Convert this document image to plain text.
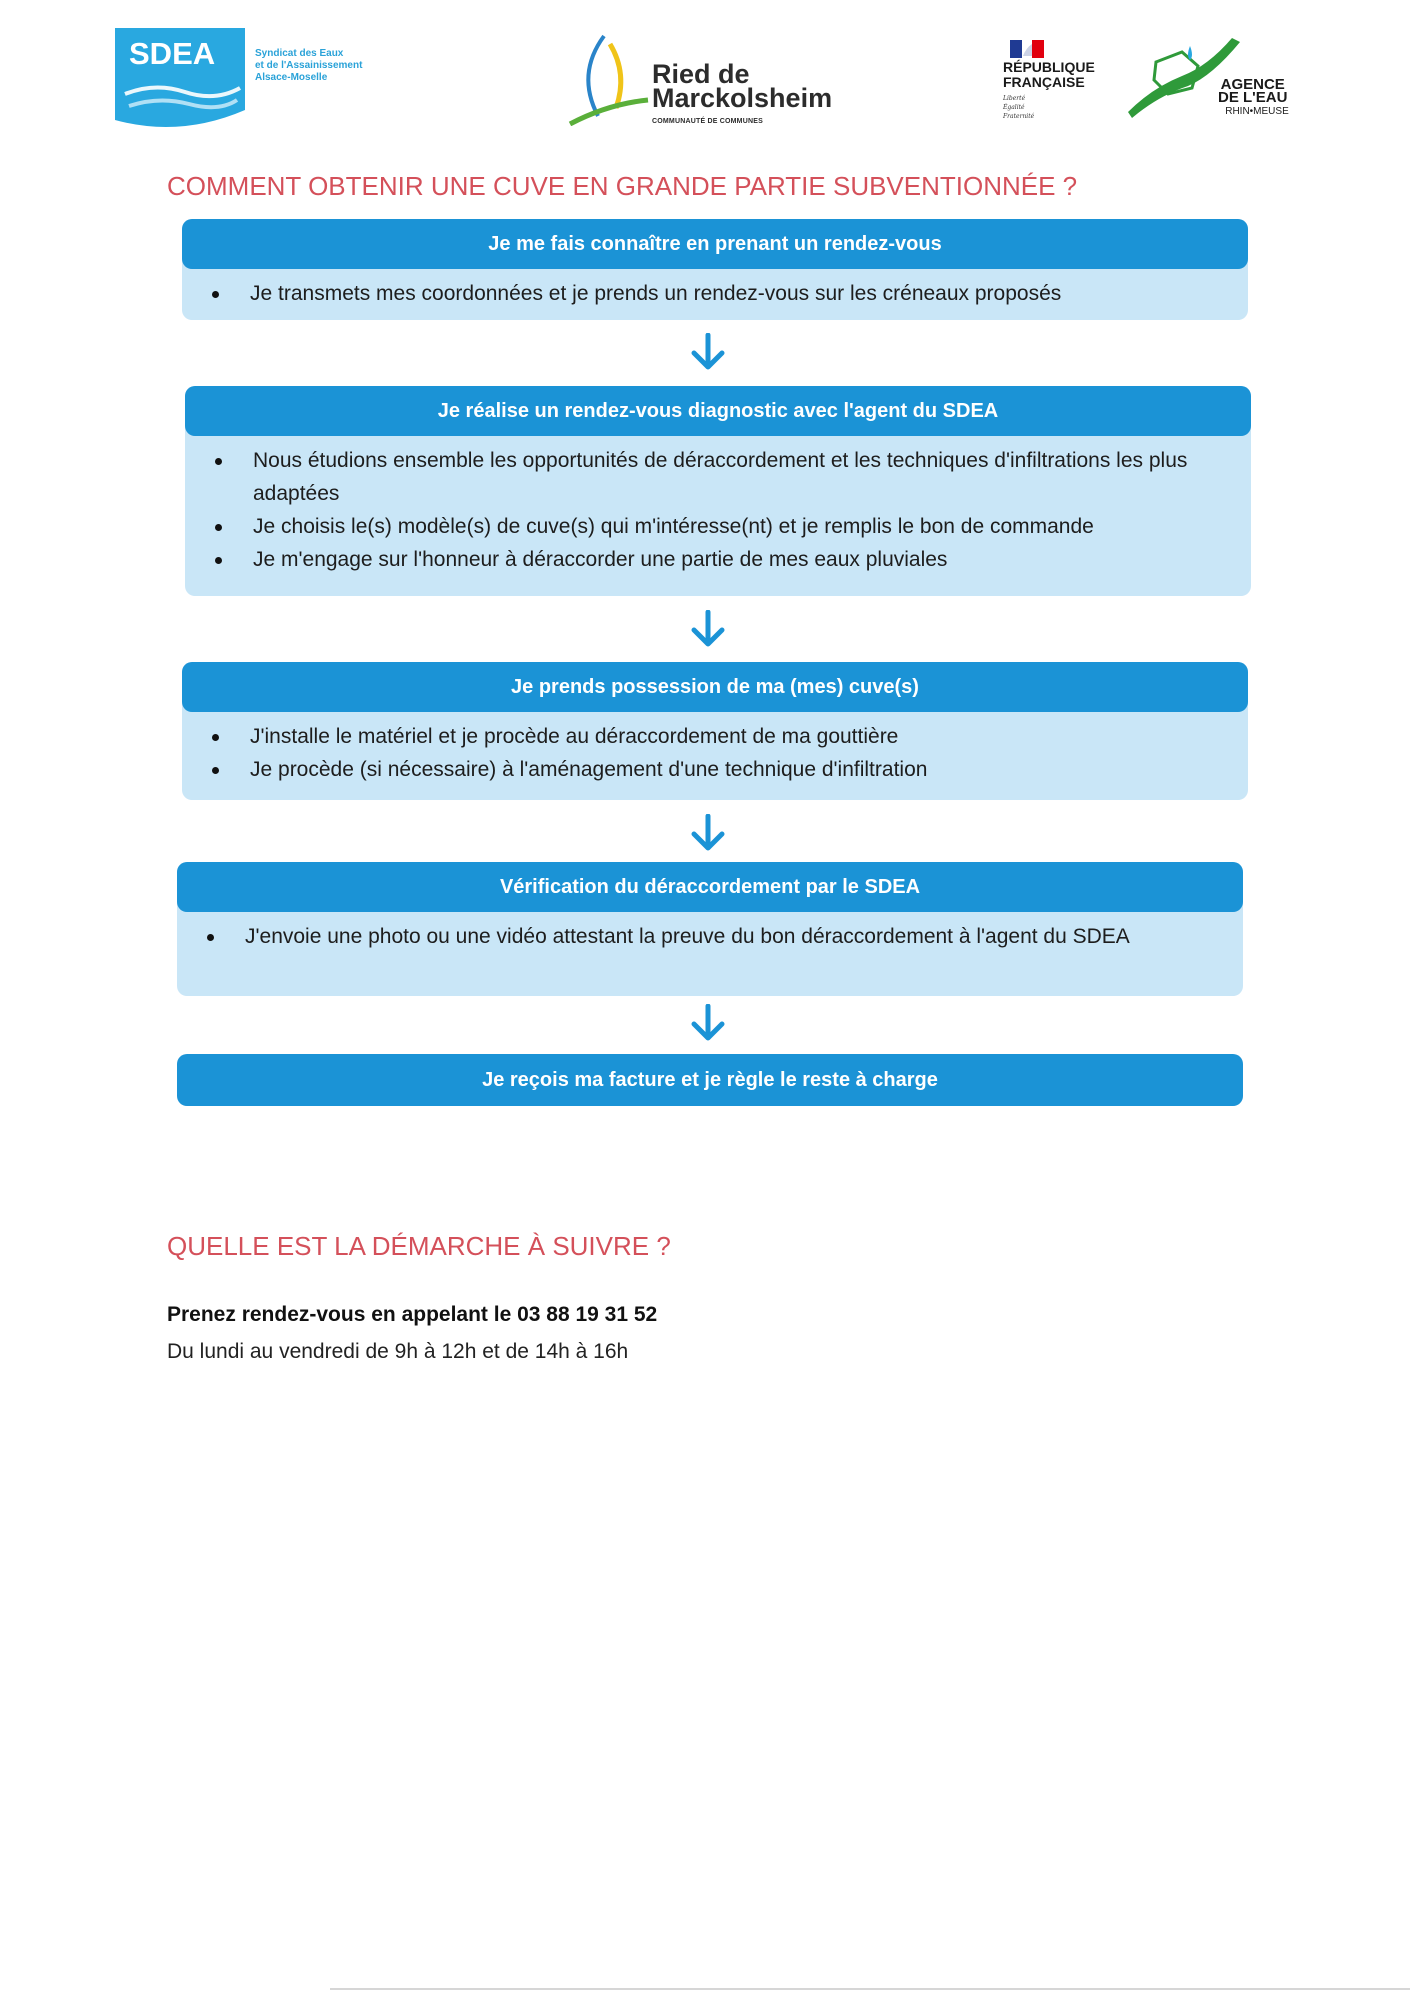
SDEA	Syndicat des Eaux
et de l'Assainissement
Alsace-Moselle	Ried de
Marckolsheim
COMMUNAUTÉ DE COMMUNES
RÉPUBLIQUE
FRANÇAISE
Liberté
Égalité
Fraternité
AGENCE
DE L'EAU
RHIN•MEUSE
COMMENT OBTENIR UNE CUVE EN GRANDE PARTIE SUBVENTIONNÉE ?
Je me fais connaître en prenant un rendez-vous
Je transmets mes coordonnées et je prends un rendez-vous sur les créneaux proposés
Je réalise un rendez-vous diagnostic avec l'agent du SDEA
Nous étudions ensemble les opportunités de déraccordement et les techniques d'infiltrations les plus adaptées
Je choisis le(s) modèle(s) de cuve(s) qui m'intéresse(nt) et je remplis le bon de commande
Je m'engage sur l'honneur à déraccorder une partie de mes eaux pluviales
Je prends possession de ma (mes) cuve(s)
J'installe le matériel et je procède au déraccordement de ma gouttière
Je procède (si nécessaire) à l'aménagement d'une technique d'infiltration
Vérification du déraccordement par le SDEA
J'envoie une photo ou une vidéo attestant la preuve du bon déraccordement à l'agent du SDEA
Je reçois ma facture et je règle le reste à charge
QUELLE EST LA DÉMARCHE À SUIVRE ?
Prenez rendez-vous en appelant le 03 88 19 31 52
Du lundi au vendredi de 9h à 12h et de 14h à 16h
